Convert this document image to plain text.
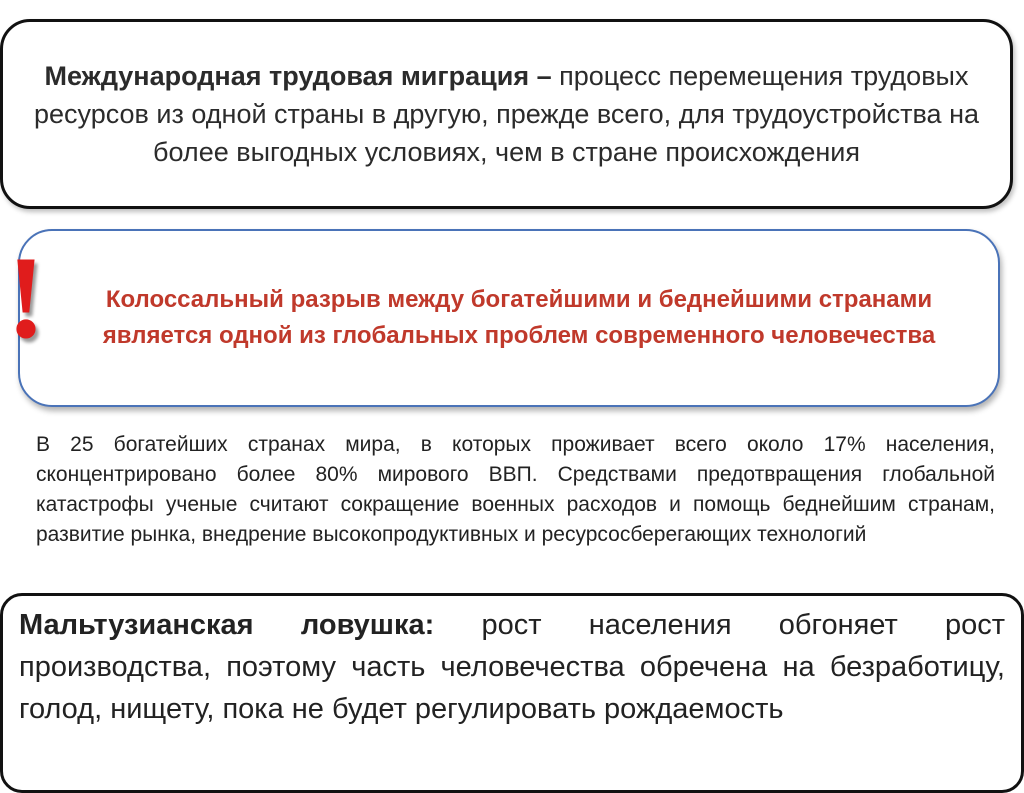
Международная трудовая миграция – процесс перемещения трудовых ресурсов из одной страны в другую, прежде всего, для трудоустройства на более выгодных условиях, чем в стране происхождения

Колоссальный разрыв между богатейшими и беднейшими странами является одной из глобальных проблем современного человечества

!

В 25 богатейших странах мира, в которых проживает всего около 17% населения, сконцентрировано более 80% мирового ВВП. Средствами предотвращения глобальной катастрофы ученые считают сокращение военных расходов и помощь беднейшим странам, развитие рынка, внедрение высокопродуктивных и ресурсосберегающих технологий

Мальтузианская ловушка: рост населения обгоняет рост производства, поэтому часть человечества обречена на безработицу, голод, нищету, пока не будет регулировать рождаемость
